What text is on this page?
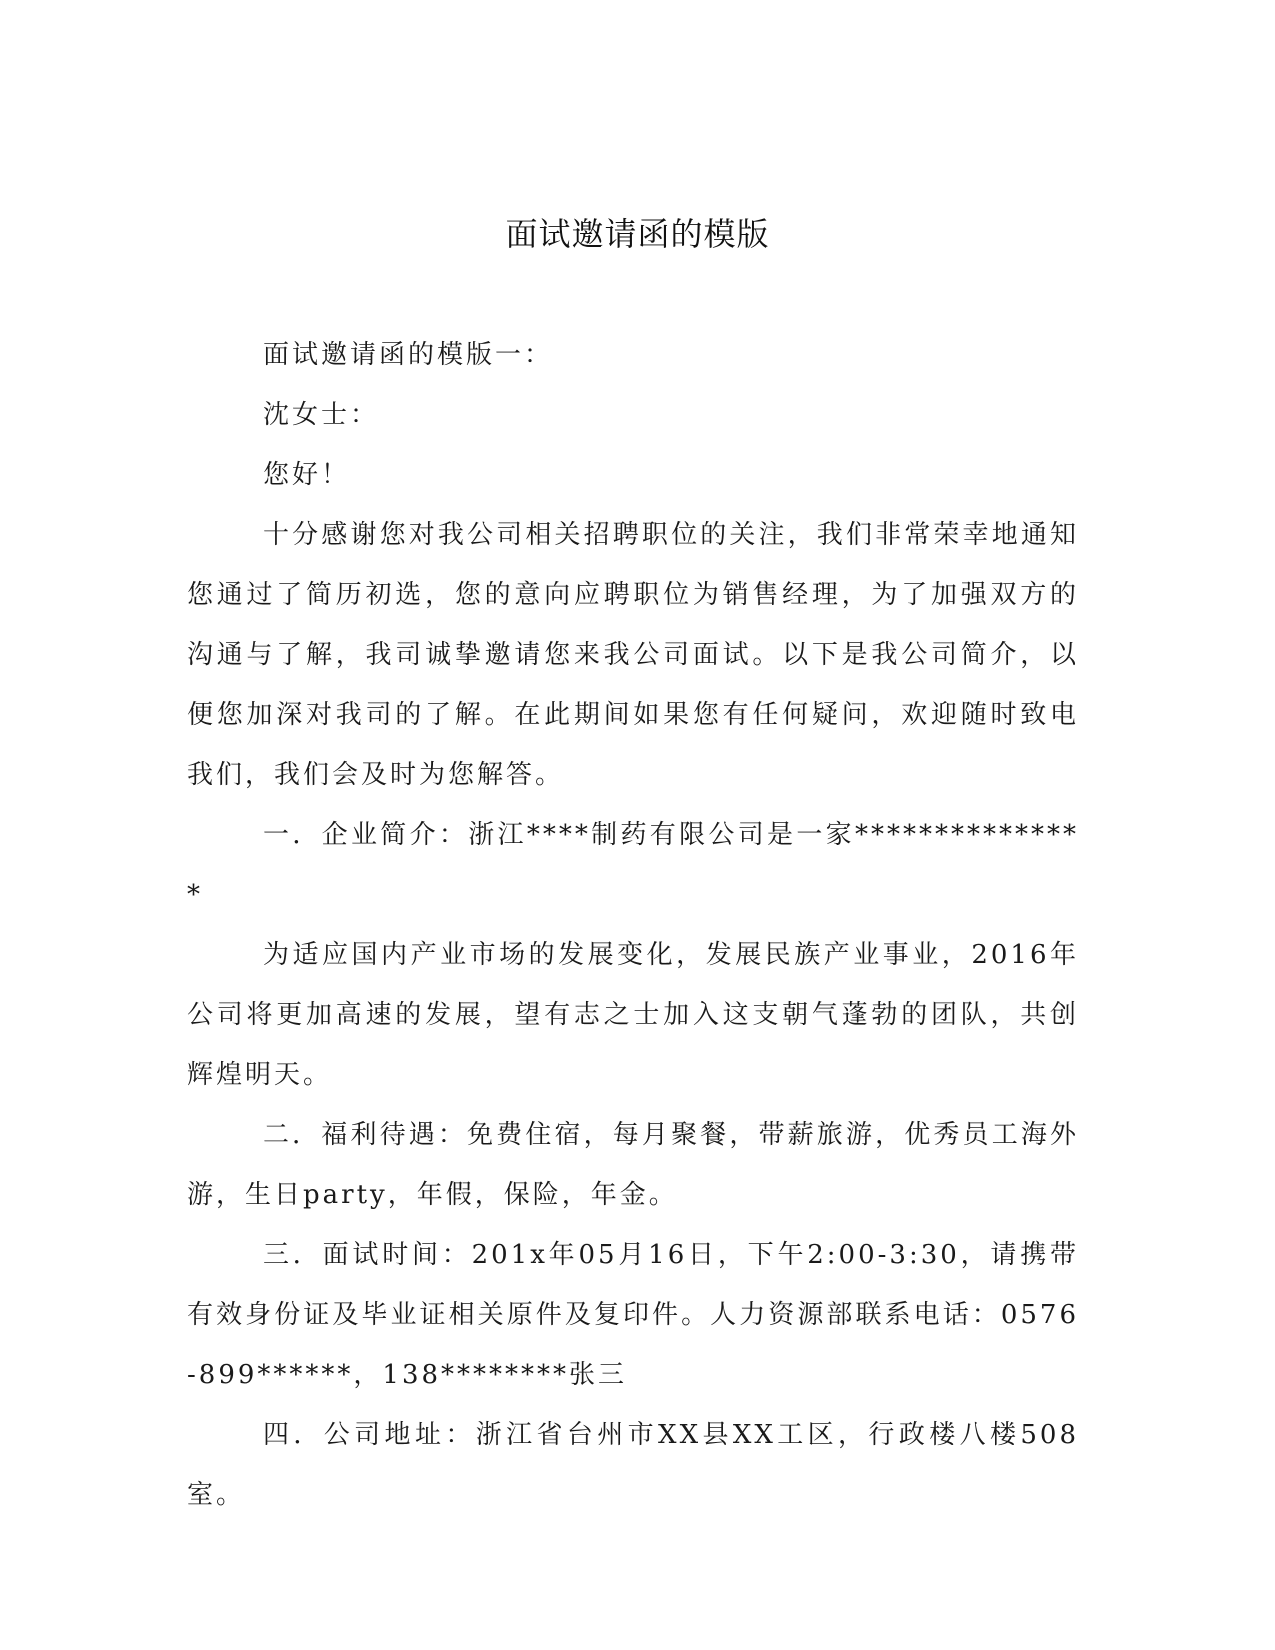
面试邀请函的模版

面试邀请函的模版一：

沈女士：

您好！

十分感谢您对我公司相关招聘职位的关注，我们非常荣幸地通知您通过了简历初选，您的意向应聘职位为销售经理，为了加强双方的沟通与了解，我司诚挚邀请您来我公司面试。以下是我公司简介，以便您加深对我司的了解。在此期间如果您有任何疑问，欢迎随时致电我们，我们会及时为您解答。

一．企业简介：浙江****制药有限公司是一家***************

为适应国内产业市场的发展变化，发展民族产业事业，2016年公司将更加高速的发展，望有志之士加入这支朝气蓬勃的团队，共创辉煌明天。

二．福利待遇：免费住宿，每月聚餐，带薪旅游，优秀员工海外游，生日party，年假，保险，年金。

三．面试时间：201x年05月16日，下午2:00-3:30，请携带有效身份证及毕业证相关原件及复印件。人力资源部联系电话：0576-899******，138********张三

四．公司地址：浙江省台州市XX县XX工区，行政楼八楼508室。
